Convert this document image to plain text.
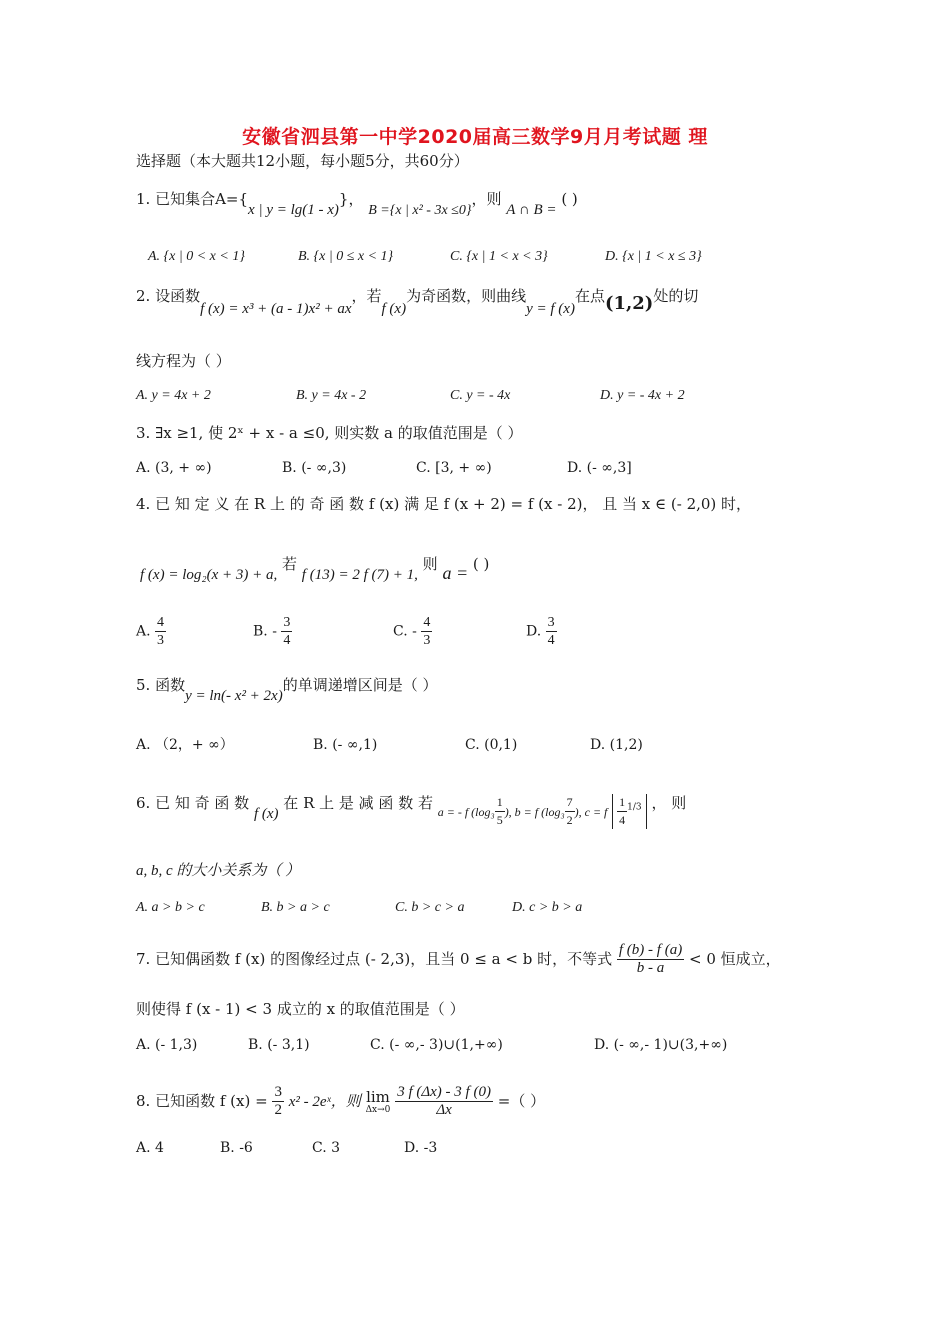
安徽省泗县第一中学2020届高三数学9月月考试题 理
选择题（本大题共12小题，每小题5分，共60分）
1. 已知集合A={x | y = lg(1 - x)}， B ={x | x² - 3x ≤0}，则 A ∩ B = ( )
A. {x | 0 < x < 1}	B. {x | 0 ≤ x < 1}	C. {x | 1 < x < 3}	D. {x | 1 < x ≤ 3}
2. 设函数f (x) = x³ + (a - 1)x² + ax，若f (x)为奇函数，则曲线y = f (x)在点(1,2)处的切
线方程为（ ）
A. y = 4x + 2	B. y = 4x - 2	C. y = - 4x	D. y = - 4x + 2
3. ∃x ≥1, 使 2ˣ + x - a ≤0, 则实数 a 的取值范围是（ ）
A. (3, + ∞)	B. (- ∞,3)	C. [3, + ∞)	D. (- ∞,3]
4. 已 知 定 义 在 R 上 的 奇 函 数 f (x) 满 足 f (x + 2) = f (x - 2)， 且 当 x ∈ (- 2,0) 时，
f (x) = log₂(x + 3) + a, 若 f (13) = 2 f (7) + 1, 则 a = ( )
A. $\frac{4}{3}$	B. - $\frac{3}{4}$	C. - $\frac{4}{3}$	D. $\frac{3}{4}$
5. 函数y = ln(- x² + 2x)的单调递增区间是（ ）
A. （2，+ ∞）	B. (- ∞,1)	C. (0,1)	D. (1,2)
6. 已 知 奇 函 数 f (x) 在 R 上 是 减 函 数 若 a = - f ($\log_3 \frac{1}{5}$ ), b = f ($\log_3 \frac{7}{2}$ ), c = f $\frac{1}{4} ^{1/3}$ ， 则
a, b, c 的大小关系为（ ）
A. a > b > c	B. b > a > c	C. b > c > a	D. c > b > a
7. 已知偶函数 f (x) 的图像经过点 (- 2,3)，且当 0 ≤ a < b 时，不等式 $\frac{f (b) - f (a)}{b - a} < 0$ 恒成立，
则使得 f (x - 1) < 3 成立的 x 的取值范围是（ ）
A. (- 1,3)	B. (- 3,1)	C. (- ∞,- 3)∪(1,+∞)	D. (- ∞,- 1)∪(3,+∞)
8. 已知函数 f $(x) = \frac{3}{2} x^2$ - 2eˣ，则 lim
Δx→0
$\frac{3 f (\Delta x) - 3 f (0)}{\Delta x}$ =（ ）
A. 4	B. -6	C. 3	D. -3
